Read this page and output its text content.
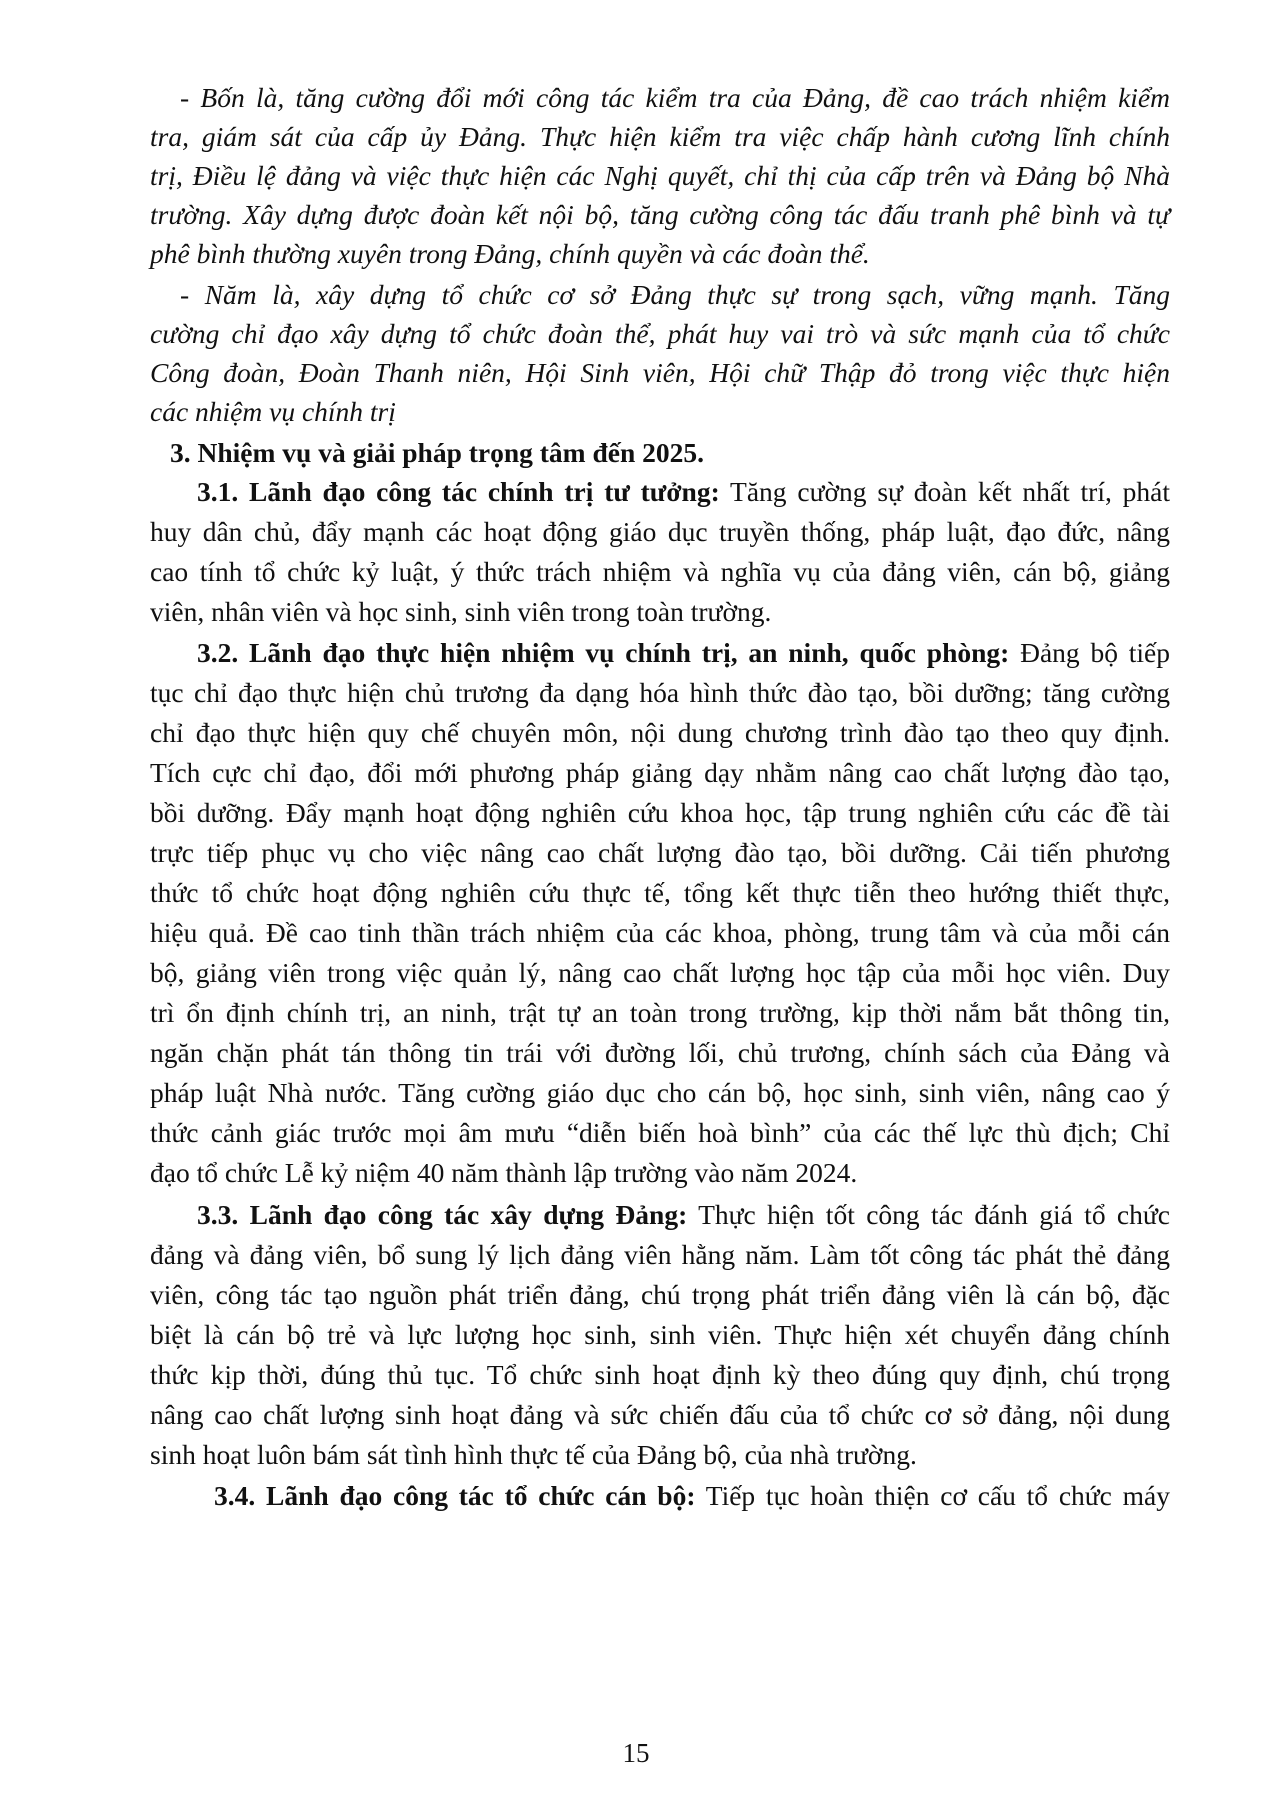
- Bốn là, tăng cường đổi mới công tác kiểm tra của Đảng, đề cao trách nhiệm kiểm
tra, giám sát của cấp ủy Đảng. Thực hiện kiểm tra việc chấp hành cương lĩnh chính
trị, Điều lệ đảng và việc thực hiện các Nghị quyết, chỉ thị của cấp trên và Đảng bộ Nhà
trường. Xây dựng được đoàn kết nội bộ, tăng cường công tác đấu tranh phê bình và tự
phê bình thường xuyên trong Đảng, chính quyền và các đoàn thể.
- Năm là, xây dựng tổ chức cơ sở Đảng thực sự trong sạch, vững mạnh. Tăng
cường chỉ đạo xây dựng tổ chức đoàn thể, phát huy vai trò và sức mạnh của tổ chức
Công đoàn, Đoàn Thanh niên, Hội Sinh viên, Hội chữ Thập đỏ trong việc thực hiện
các nhiệm vụ chính trị
3. Nhiệm vụ và giải pháp trọng tâm đến 2025.
3.1. Lãnh đạo công tác chính trị tư tưởng: Tăng cường sự đoàn kết nhất trí, phát
huy dân chủ, đẩy mạnh các hoạt động giáo dục truyền thống, pháp luật, đạo đức, nâng
cao tính tổ chức kỷ luật, ý thức trách nhiệm và nghĩa vụ của đảng viên, cán bộ, giảng
viên, nhân viên và học sinh, sinh viên trong toàn trường.
3.2. Lãnh đạo thực hiện nhiệm vụ chính trị, an ninh, quốc phòng: Đảng bộ tiếp
tục chỉ đạo thực hiện chủ trương đa dạng hóa hình thức đào tạo, bồi dưỡng; tăng cường
chỉ đạo thực hiện quy chế chuyên môn, nội dung chương trình đào tạo theo quy định.
Tích cực chỉ đạo, đổi mới phương pháp giảng dạy nhằm nâng cao chất lượng đào tạo,
bồi dưỡng. Đẩy mạnh hoạt động nghiên cứu khoa học, tập trung nghiên cứu các đề tài
trực tiếp phục vụ cho việc nâng cao chất lượng đào tạo, bồi dưỡng. Cải tiến phương
thức tổ chức hoạt động nghiên cứu thực tế, tổng kết thực tiễn theo hướng thiết thực,
hiệu quả. Đề cao tinh thần trách nhiệm của các khoa, phòng, trung tâm và của mỗi cán
bộ, giảng viên trong việc quản lý, nâng cao chất lượng học tập của mỗi học viên. Duy
trì ổn định chính trị, an ninh, trật tự an toàn trong trường, kịp thời nắm bắt thông tin,
ngăn chặn phát tán thông tin trái với đường lối, chủ trương, chính sách của Đảng và
pháp luật Nhà nước. Tăng cường giáo dục cho cán bộ, học sinh, sinh viên, nâng cao ý
thức cảnh giác trước mọi âm mưu “diễn biến hoà bình” của các thế lực thù địch; Chỉ
đạo tổ chức Lễ kỷ niệm 40 năm thành lập trường vào năm 2024.
3.3. Lãnh đạo công tác xây dựng Đảng: Thực hiện tốt công tác đánh giá tổ chức
đảng và đảng viên, bổ sung lý lịch đảng viên hằng năm. Làm tốt công tác phát thẻ đảng
viên, công tác tạo nguồn phát triển đảng, chú trọng phát triển đảng viên là cán bộ, đặc
biệt là cán bộ trẻ và lực lượng học sinh, sinh viên. Thực hiện xét chuyển đảng chính
thức kịp thời, đúng thủ tục. Tổ chức sinh hoạt định kỳ theo đúng quy định, chú trọng
nâng cao chất lượng sinh hoạt đảng và sức chiến đấu của tổ chức cơ sở đảng, nội dung
sinh hoạt luôn bám sát tình hình thực tế của Đảng bộ, của nhà trường.
3.4. Lãnh đạo công tác tổ chức cán bộ: Tiếp tục hoàn thiện cơ cấu tổ chức máy
15
